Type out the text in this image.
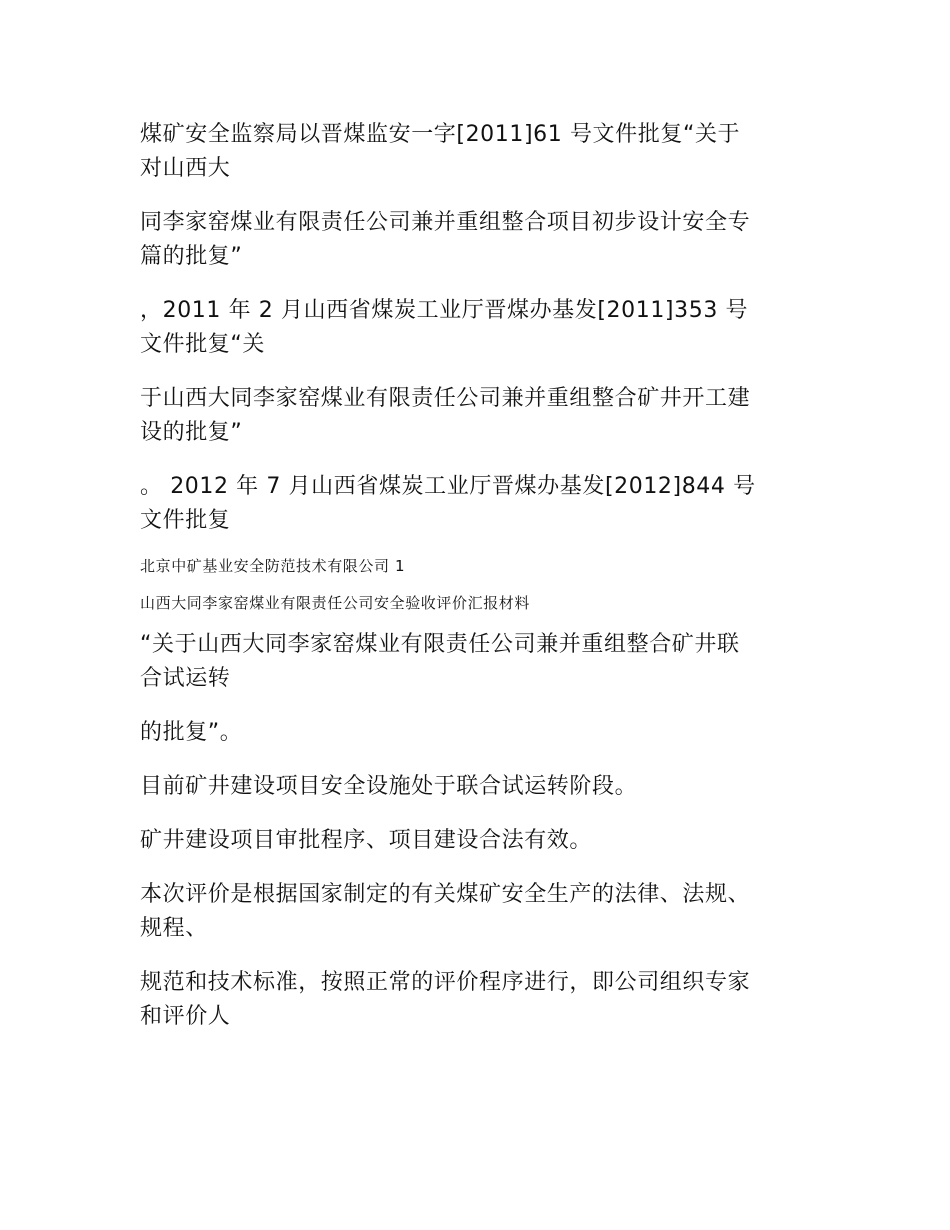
煤矿安全监察局以晋煤监安一字[2011]61 号文件批复“关于
对山西大

同李家窑煤业有限责任公司兼并重组整合项目初步设计安全专
篇的批复”

，2011 年 2 月山西省煤炭工业厅晋煤办基发[2011]353 号
文件批复“关

于山西大同李家窑煤业有限责任公司兼并重组整合矿井开工建
设的批复”

。 2012 年 7 月山西省煤炭工业厅晋煤办基发[2012]844 号
文件批复

北京中矿基业安全防范技术有限公司 1

山西大同李家窑煤业有限责任公司安全验收评价汇报材料

“关于山西大同李家窑煤业有限责任公司兼并重组整合矿井联
合试运转

的批复”。

目前矿井建设项目安全设施处于联合试运转阶段。

矿井建设项目审批程序、项目建设合法有效。

本次评价是根据国家制定的有关煤矿安全生产的法律、法规、
规程、

规范和技术标准，按照正常的评价程序进行，即公司组织专家
和评价人
